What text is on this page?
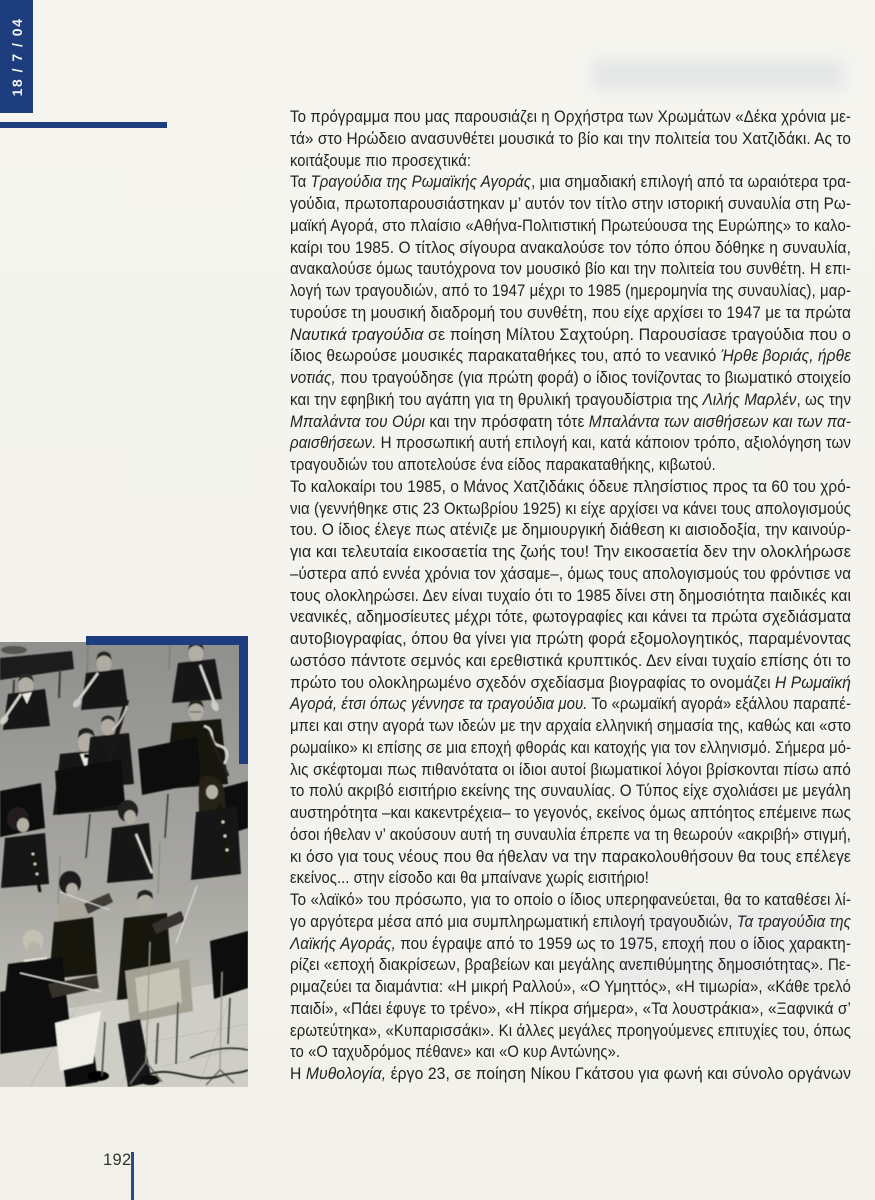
18 / 7 / 04
Το πρόγραμμα που μας παρουσιάζει η Ορχήστρα των Χρωμάτων «Δέκα χρόνια με-
τά» στο Ηρώδειο ανασυνθέτει μουσικά το βίο και την πολιτεία του Χατζιδάκι. Ας το
κοιτάξουμε πιο προσεχτικά:
Τα Τραγούδια της Ρωμαϊκής Αγοράς, μια σημαδιακή επιλογή από τα ωραιότερα τρα-
γούδια, πρωτοπαρουσιάστηκαν μ’ αυτόν τον τίτλο στην ιστορική συναυλία στη Ρω-
μαϊκή Αγορά, στο πλαίσιο «Αθήνα-Πολιτιστική Πρωτεύουσα της Ευρώπης» το καλο-
καίρι του 1985. Ο τίτλος σίγουρα ανακαλούσε τον τόπο όπου δόθηκε η συναυλία,
ανακαλούσε όμως ταυτόχρονα τον μουσικό βίο και την πολιτεία του συνθέτη. Η επι-
λογή των τραγουδιών, από το 1947 μέχρι το 1985 (ημερομηνία της συναυλίας), μαρ-
τυρούσε τη μουσική διαδρομή του συνθέτη, που είχε αρχίσει το 1947 με τα πρώτα
Ναυτικά τραγούδια σε ποίηση Μίλτου Σαχτούρη. Παρουσίασε τραγούδια που ο
ίδιος θεωρούσε μουσικές παρακαταθήκες του, από το νεανικό Ήρθε βοριάς, ήρθε
νοτιάς, που τραγούδησε (για πρώτη φορά) ο ίδιος τονίζοντας το βιωματικό στοιχείο
και την εφηβική του αγάπη για τη θρυλική τραγουδίστρια της Λιλής Μαρλέν, ως την
Μπαλάντα του Ούρι και την πρόσφατη τότε Μπαλάντα των αισθήσεων και των πα-
ραισθήσεων. Η προσωπική αυτή επιλογή και, κατά κάποιον τρόπο, αξιολόγηση των
τραγουδιών του αποτελούσε ένα είδος παρακαταθήκης, κιβωτού.
Το καλοκαίρι του 1985, ο Μάνος Χατζιδάκις όδευε πλησίστιος προς τα 60 του χρό-
νια (γεννήθηκε στις 23 Οκτωβρίου 1925) κι είχε αρχίσει να κάνει τους απολογισμούς
του. Ο ίδιος έλεγε πως ατένιζε με δημιουργική διάθεση κι αισιοδοξία, την καινούρ-
για και τελευταία εικοσαετία της ζωής του! Την εικοσαετία δεν την ολοκλήρωσε
–ύστερα από εννέα χρόνια τον χάσαμε–, όμως τους απολογισμούς του φρόντισε να
τους ολοκληρώσει. Δεν είναι τυχαίο ότι το 1985 δίνει στη δημοσιότητα παιδικές και
νεανικές, αδημοσίευτες μέχρι τότε, φωτογραφίες και κάνει τα πρώτα σχεδιάσματα
αυτοβιογραφίας, όπου θα γίνει για πρώτη φορά εξομολογητικός, παραμένοντας
ωστόσο πάντοτε σεμνός και ερεθιστικά κρυπτικός. Δεν είναι τυχαίο επίσης ότι το
πρώτο του ολοκληρωμένο σχεδόν σχεδίασμα βιογραφίας το ονομάζει Η Ρωμαϊκή
Αγορά, έτσι όπως γέννησε τα τραγούδια μου. Το «ρωμαϊκή αγορά» εξάλλου παραπέ-
μπει και στην αγορά των ιδεών με την αρχαία ελληνική σημασία της, καθώς και «στο
ρωμαίικο» κι επίσης σε μια εποχή φθοράς και κατοχής για τον ελληνισμό. Σήμερα μό-
λις σκέφτομαι πως πιθανότατα οι ίδιοι αυτοί βιωματικοί λόγοι βρίσκονται πίσω από
το πολύ ακριβό εισιτήριο εκείνης της συναυλίας. Ο Τύπος είχε σχολιάσει με μεγάλη
αυστηρότητα –και κακεντρέχεια– το γεγονός, εκείνος όμως απτόητος επέμεινε πως
όσοι ήθελαν ν’ ακούσουν αυτή τη συναυλία έπρεπε να τη θεωρούν «ακριβή» στιγμή,
κι όσο για τους νέους που θα ήθελαν να την παρακολουθήσουν θα τους επέλεγε
εκείνος... στην είσοδο και θα μπαίνανε χωρίς εισιτήριο!
Το «λαϊκό» του πρόσωπο, για το οποίο ο ίδιος υπερηφανεύεται, θα το καταθέσει λί-
γο αργότερα μέσα από μια συμπληρωματική επιλογή τραγουδιών, Τα τραγούδια της
Λαϊκής Αγοράς, που έγραψε από το 1959 ως το 1975, εποχή που ο ίδιος χαρακτη-
ρίζει «εποχή διακρίσεων, βραβείων και μεγάλης ανεπιθύμητης δημοσιότητας». Πε-
ριμαζεύει τα διαμάντια: «Η μικρή Ραλλού», «Ο Υμηττός», «Η τιμωρία», «Κάθε τρελό
παιδί», «Πάει έφυγε το τρένο», «Η πίκρα σήμερα», «Τα λουστράκια», «Ξαφνικά σ’
ερωτεύτηκα», «Κυπαρισσάκι». Κι άλλες μεγάλες προηγούμενες επιτυχίες του, όπως
το «Ο ταχυδρόμος πέθανε» και «Ο κυρ Αντώνης».
Η Μυθολογία, έργο 23, σε ποίηση Νίκου Γκάτσου για φωνή και σύνολο οργάνων
192
